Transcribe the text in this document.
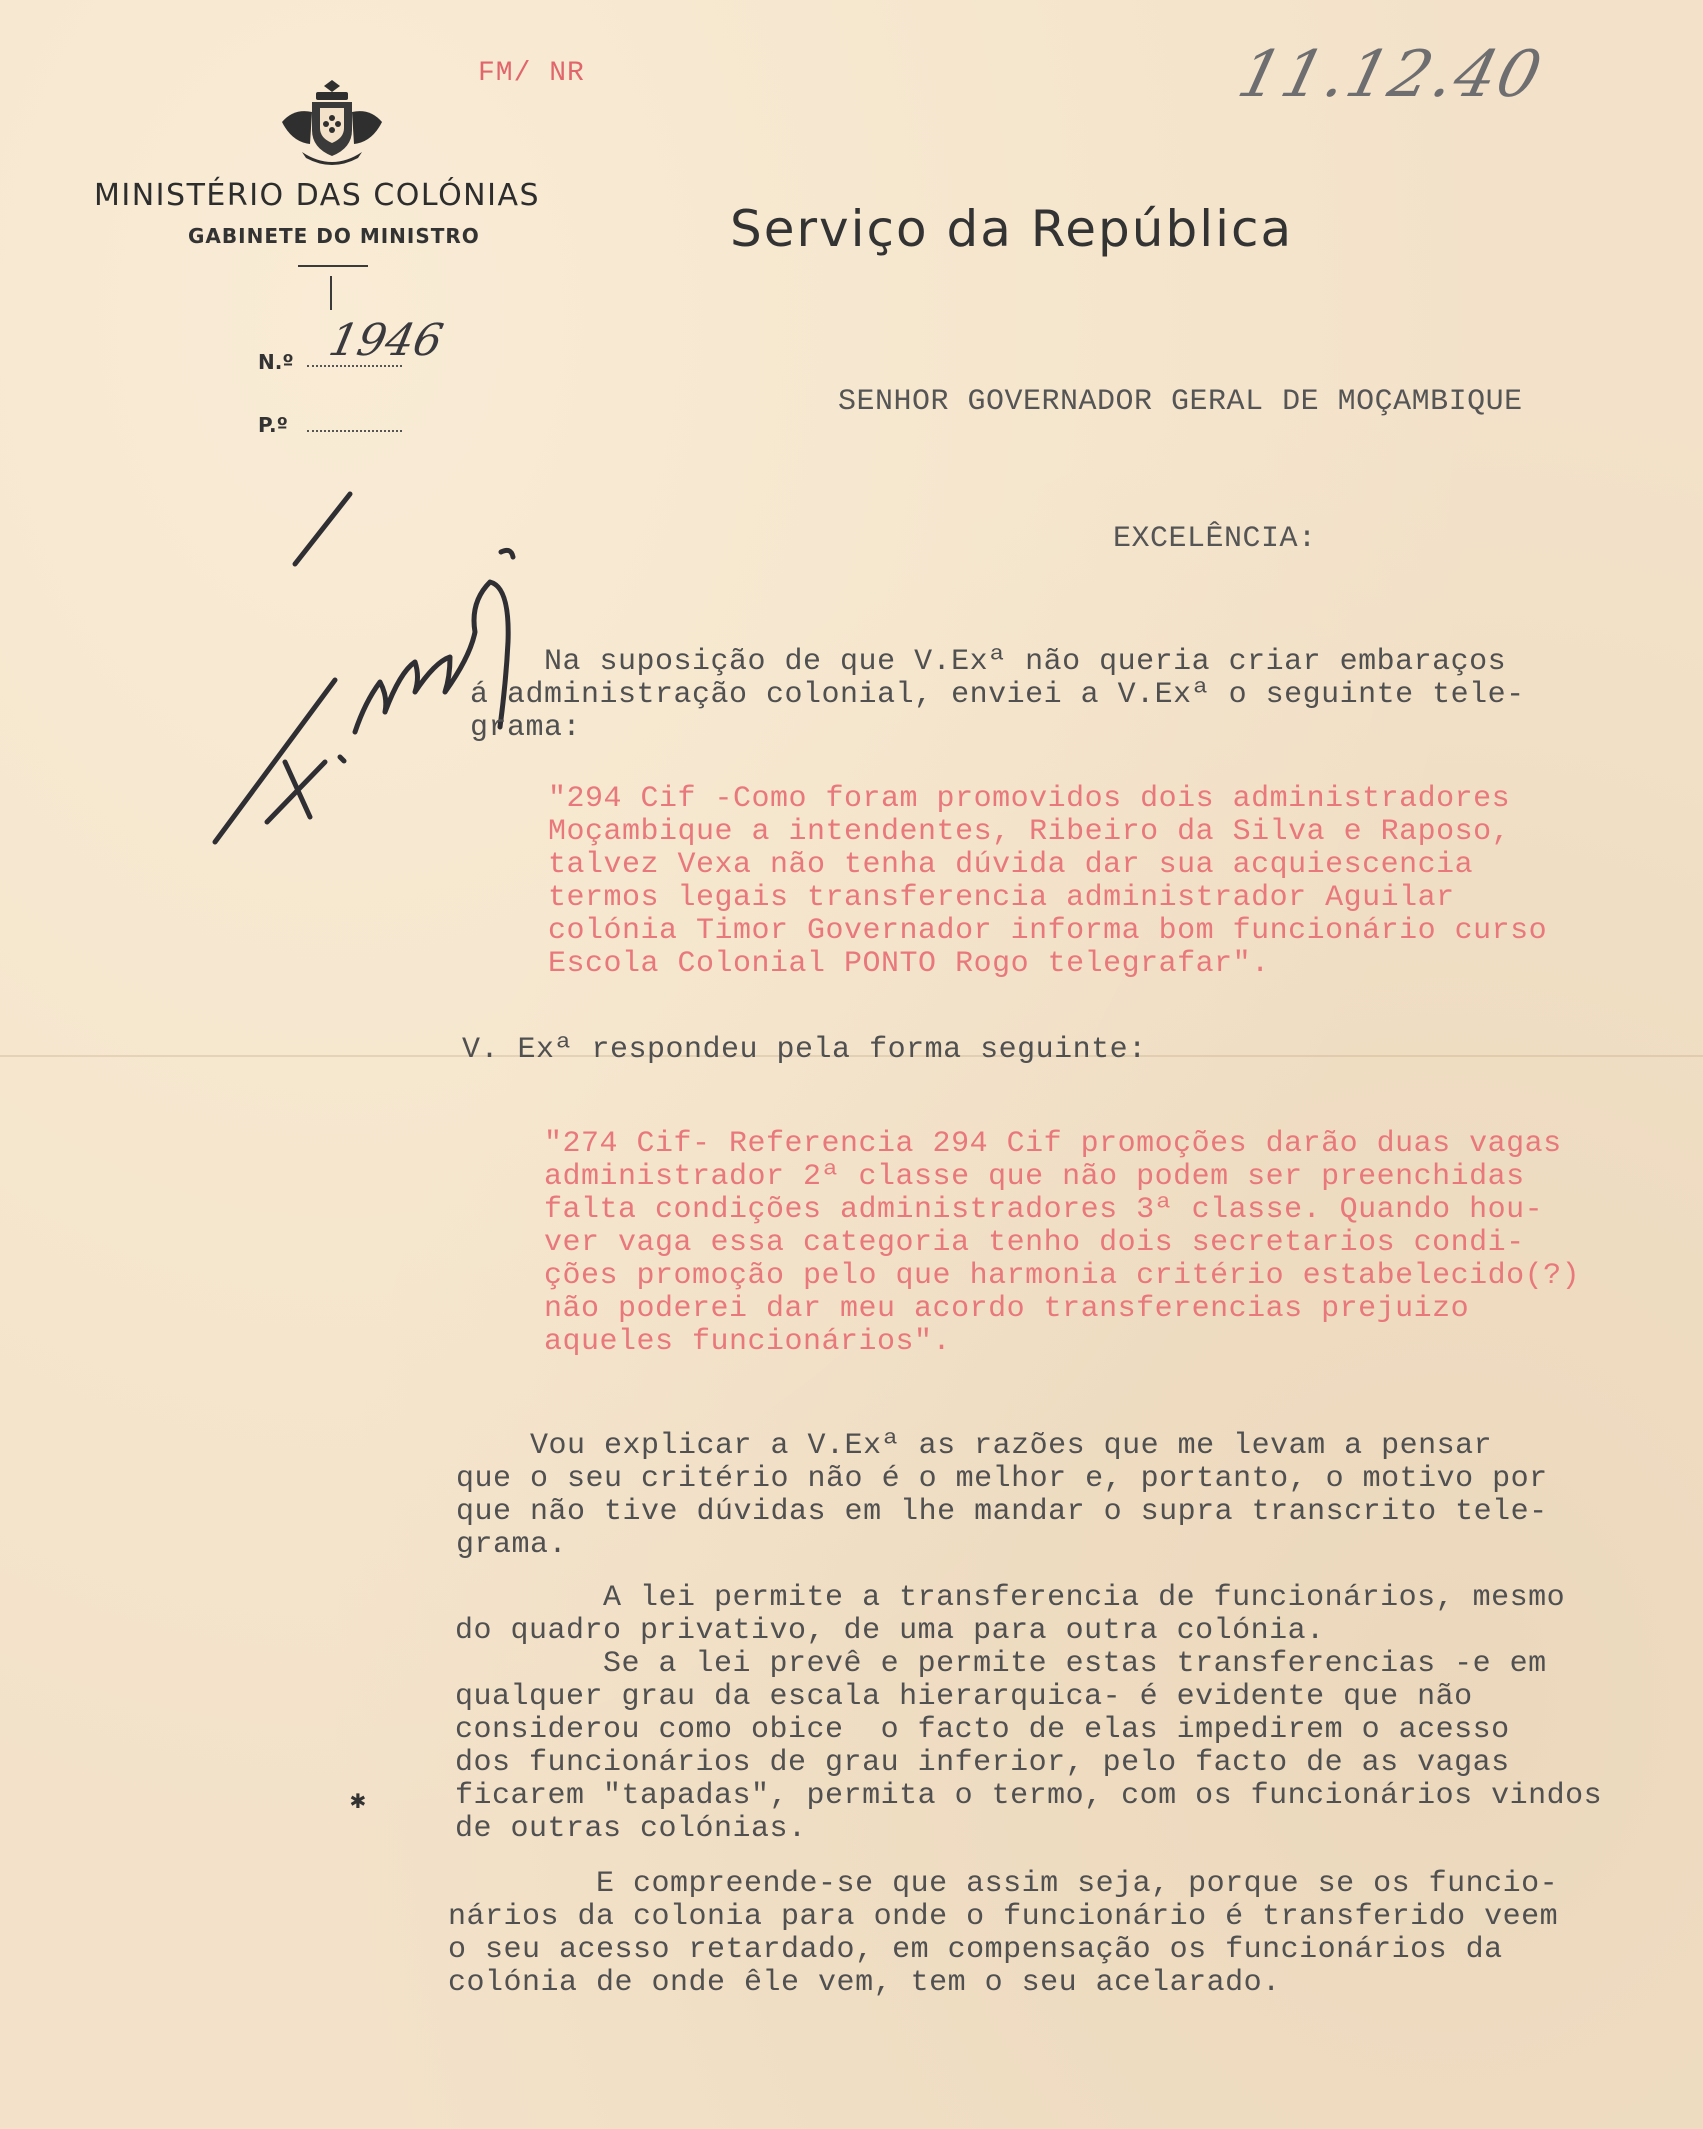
FM/ NR	11.12.40
MINISTÉRIO DAS COLÓNIAS
GABINETE DO MINISTRO
N.º 1946
P.º
Serviço da República
SENHOR GOVERNADOR GERAL DE MOÇAMBIQUE
EXCELÊNCIA:
Na suposição de que V.Exª não queria criar embaraços
á administração colonial, enviei a V.Exª o seguinte tele-
grama:
"294 Cif -Como foram promovidos dois administradores
Moçambique a intendentes, Ribeiro da Silva e Raposo,
talvez Vexa não tenha dúvida dar sua acquiescencia
termos legais transferencia administrador Aguilar
colónia Timor Governador informa bom funcionário curso
Escola Colonial PONTO Rogo telegrafar".
V. Exª respondeu pela forma seguinte:
"274 Cif- Referencia 294 Cif promoções darão duas vagas
administrador 2ª classe que não podem ser preenchidas
falta condições administradores 3ª classe. Quando hou-
ver vaga essa categoria tenho dois secretarios condi-
ções promoção pelo que harmonia critério estabelecido(?)
não poderei dar meu acordo transferencias prejuizo
aqueles funcionários".
Vou explicar a V.Exª as razões que me levam a pensar
que o seu critério não é o melhor e, portanto, o motivo por
que não tive dúvidas em lhe mandar o supra transcrito tele-
grama.
A lei permite a transferencia de funcionários, mesmo
do quadro privativo, de uma para outra colónia.
Se a lei prevê e permite estas transferencias -e em
qualquer grau da escala hierarquica- é evidente que não
considerou como obice  o facto de elas impedirem o acesso
dos funcionários de grau inferior, pelo facto de as vagas
ficarem "tapadas", permita o termo, com os funcionários vindos
de outras colónias.
✱
E compreende-se que assim seja, porque se os funcio-
nários da colonia para onde o funcionário é transferido veem
o seu acesso retardado, em compensação os funcionários da
colónia de onde êle vem, tem o seu acelarado.
